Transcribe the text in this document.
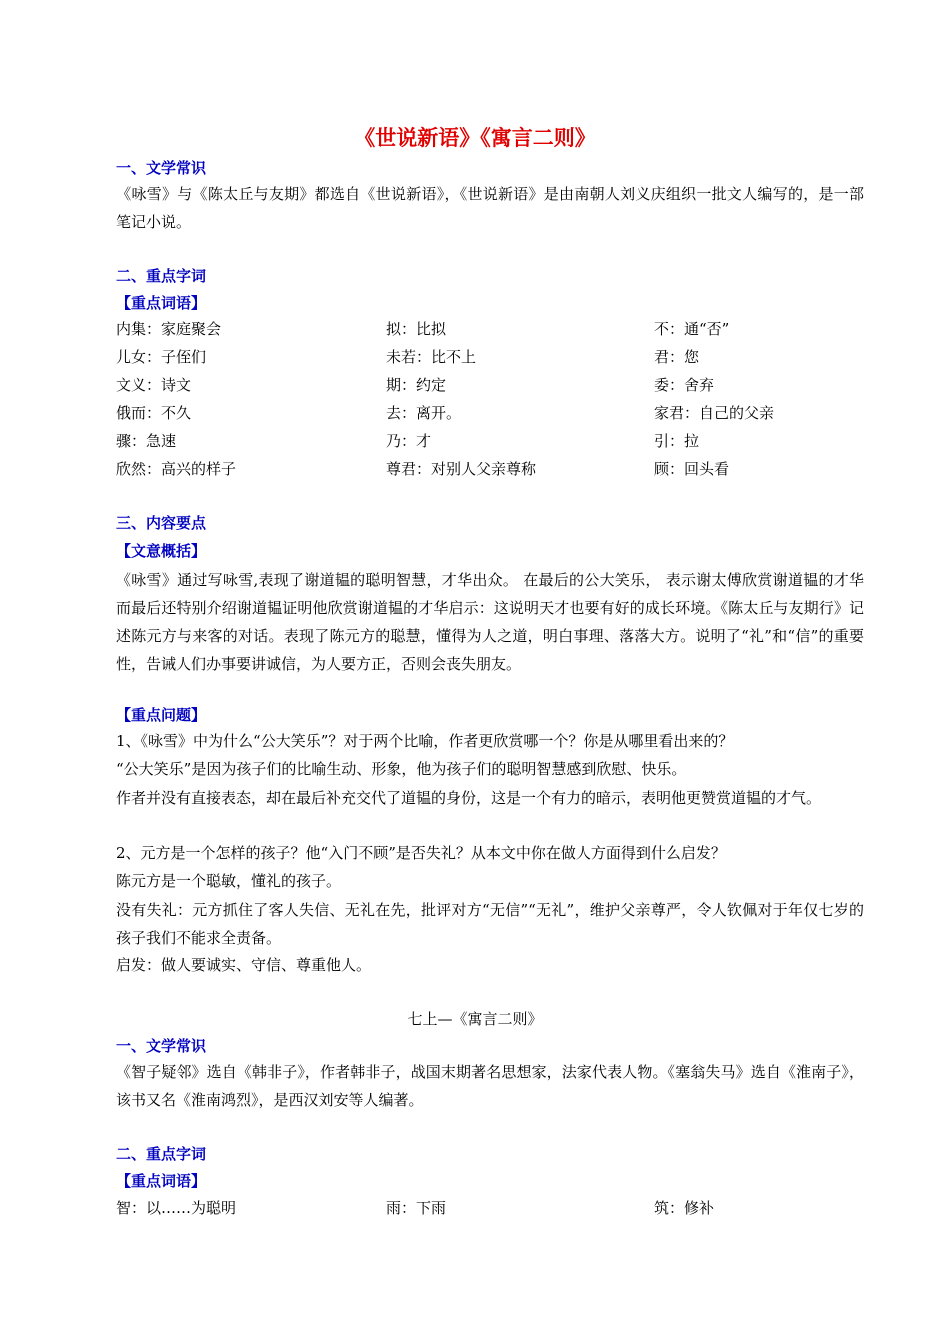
《世说新语》《寓言二则》
一、文学常识
《咏雪》与《陈太丘与友期》都选自《世说新语》，《世说新语》是由南朝人刘义庆组织一批文人编写的，是一部笔记小说。
二、重点字词
【重点词语】
内集：家庭聚会	拟：比拟	不：通“否”
儿女：子侄们	未若：比不上	君：您
文义：诗文	期：约定	委：舍弃
俄而：不久	去：离开。	家君：自己的父亲
骤：急速	乃：才	引：拉
欣然：高兴的样子	尊君：对别人父亲尊称	顾：回头看
三、内容要点
【文意概括】
《咏雪》通过写咏雪,表现了谢道韫的聪明智慧，才华出众。 在最后的公大笑乐， 表示谢太傅欣赏谢道韫的才华 而最后还特别介绍谢道韫证明他欣赏谢道韫的才华启示：这说明天才也要有好的成长环境。《陈太丘与友期行》记述陈元方与来客的对话。表现了陈元方的聪慧，懂得为人之道，明白事理、落落大方。说明了“礼”和“信”的重要性，告诫人们办事要讲诚信，为人要方正，否则会丧失朋友。
【重点问题】
1、《咏雪》中为什么“公大笑乐”？对于两个比喻，作者更欣赏哪一个？你是从哪里看出来的？
“公大笑乐”是因为孩子们的比喻生动、形象，他为孩子们的聪明智慧感到欣慰、快乐。
作者并没有直接表态，却在最后补充交代了道韫的身份，这是一个有力的暗示，表明他更赞赏道韫的才气。
2、元方是一个怎样的孩子？他“入门不顾”是否失礼？从本文中你在做人方面得到什么启发？
陈元方是一个聪敏，懂礼的孩子。
没有失礼：元方抓住了客人失信、无礼在先，批评对方“无信”“无礼”，维护父亲尊严，令人钦佩对于年仅七岁的孩子我们不能求全责备。
启发：做人要诚实、守信、尊重他人。
七上—《寓言二则》
一、文学常识
《智子疑邻》选自《韩非子》，作者韩非子，战国末期著名思想家，法家代表人物。《塞翁失马》选自《淮南子》，该书又名《淮南鸿烈》，是西汉刘安等人编著。
二、重点字词
【重点词语】
智：以……为聪明	雨：下雨	筑：修补
